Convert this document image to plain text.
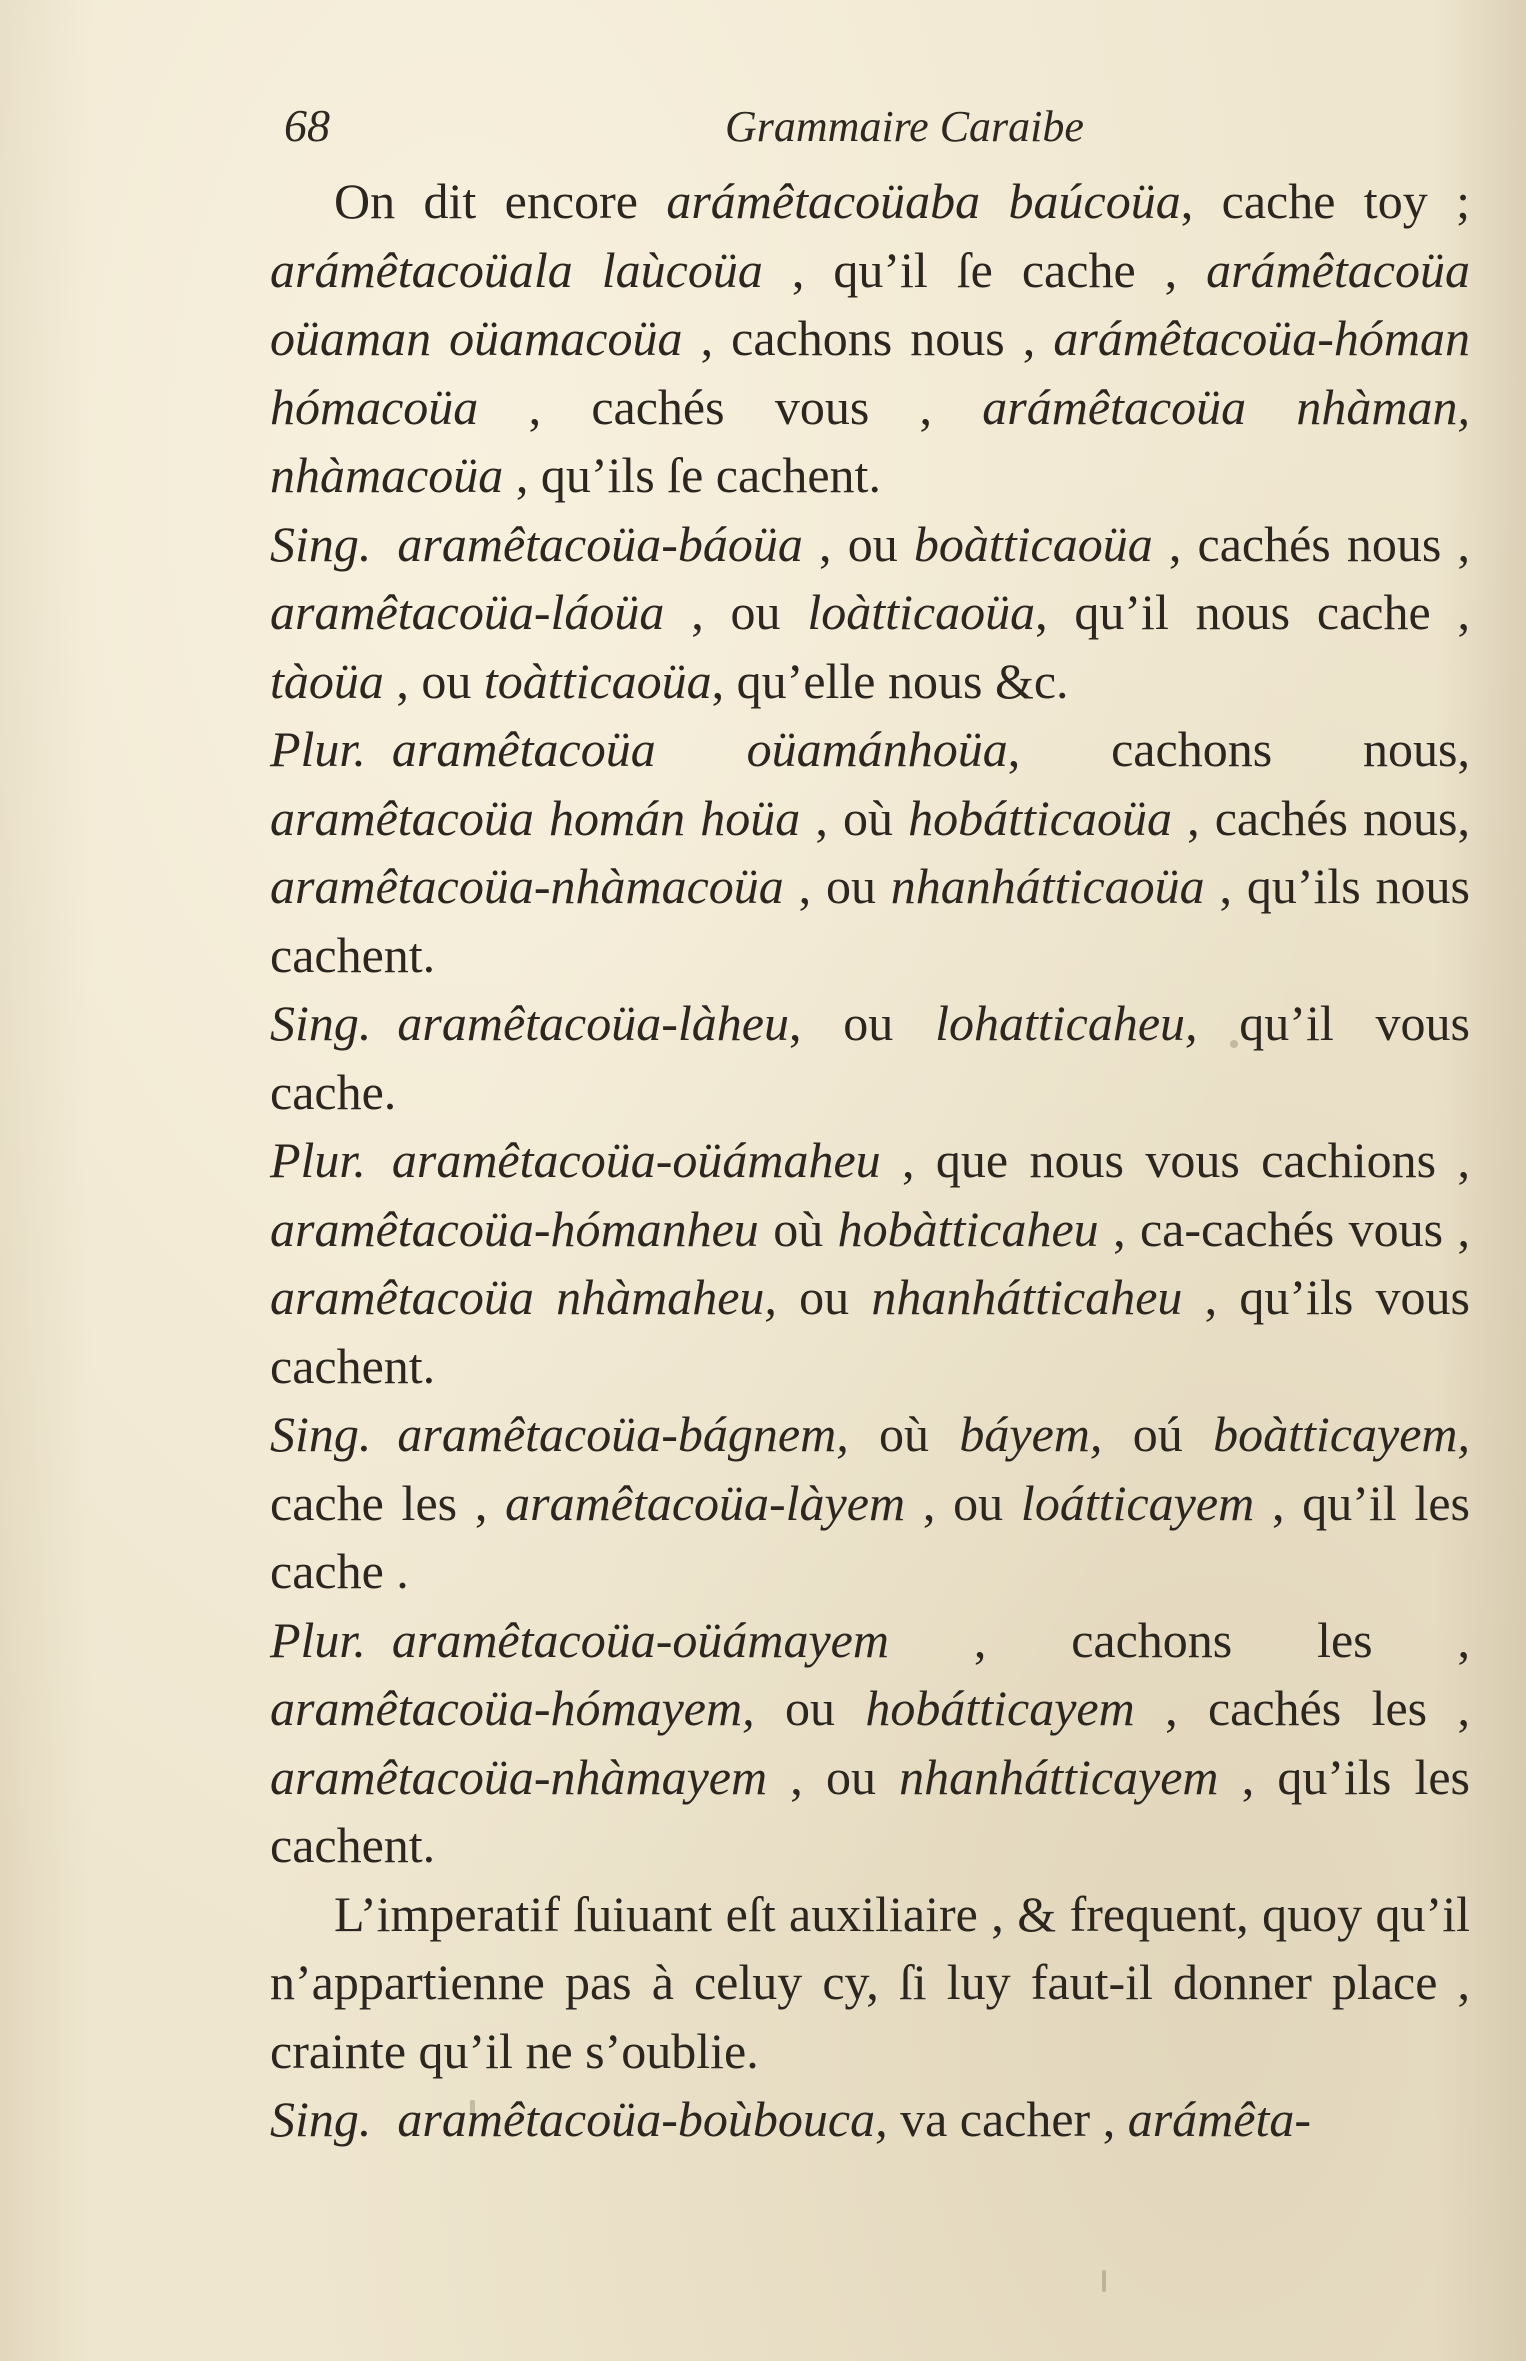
68	Grammaire Caraibe

On dit encore arámêtacoüaba baúcoüa, cache toy ; arámêtacoüala laùcoüa , qu’il ſe cache , arámêtacoüa oüaman oüamacoüa , cachons nous , arámêtacoüa-hóman hómacoüa , cachés vous , arámêtacoüa nhàman, nhàmacoüa , qu’ils ſe cachent.

Sing. aramêtacoüa-báoüa , ou boàtticaoüa , cachés nous , aramêtacoüa-láoüa , ou loàtticaoüa, qu’il nous cache , tàoüa , ou toàtticaoüa, qu’elle nous &c.

Plur. aramêtacoüa oüamánhoüa, cachons nous, aramêtacoüa homán hoüa , où hobátticaoüa , cachés nous, aramêtacoüa-nhàmacoüa , ou nhanhátticaoüa , qu’ils nous cachent.

Sing. aramêtacoüa-làheu, ou lohatticaheu, qu’il vous cache.

Plur. aramêtacoüa-oüámaheu , que nous vous cachions , aramêtacoüa-hómanheu où hobàtticaheu , ca-cachés vous , aramêtacoüa nhàmaheu, ou nhanhátticaheu , qu’ils vous cachent.

Sing. aramêtacoüa-bágnem, où báyem, oú boàtticayem, cache les , aramêtacoüa-làyem , ou loátticayem , qu’il les cache .

Plur. aramêtacoüa-oüámayem , cachons les , aramêtacoüa-hómayem, ou hobátticayem , cachés les , aramêtacoüa-nhàmayem , ou nhanhátticayem , qu’ils les cachent.

L’imperatif ſuiuant eſt auxiliaire , & frequent, quoy qu’il n’appartienne pas à celuy cy, ſi luy faut-il donner place , crainte qu’il ne s’oublie.

Sing. aramêtacoüa-boùbouca, va cacher , arámêta-
